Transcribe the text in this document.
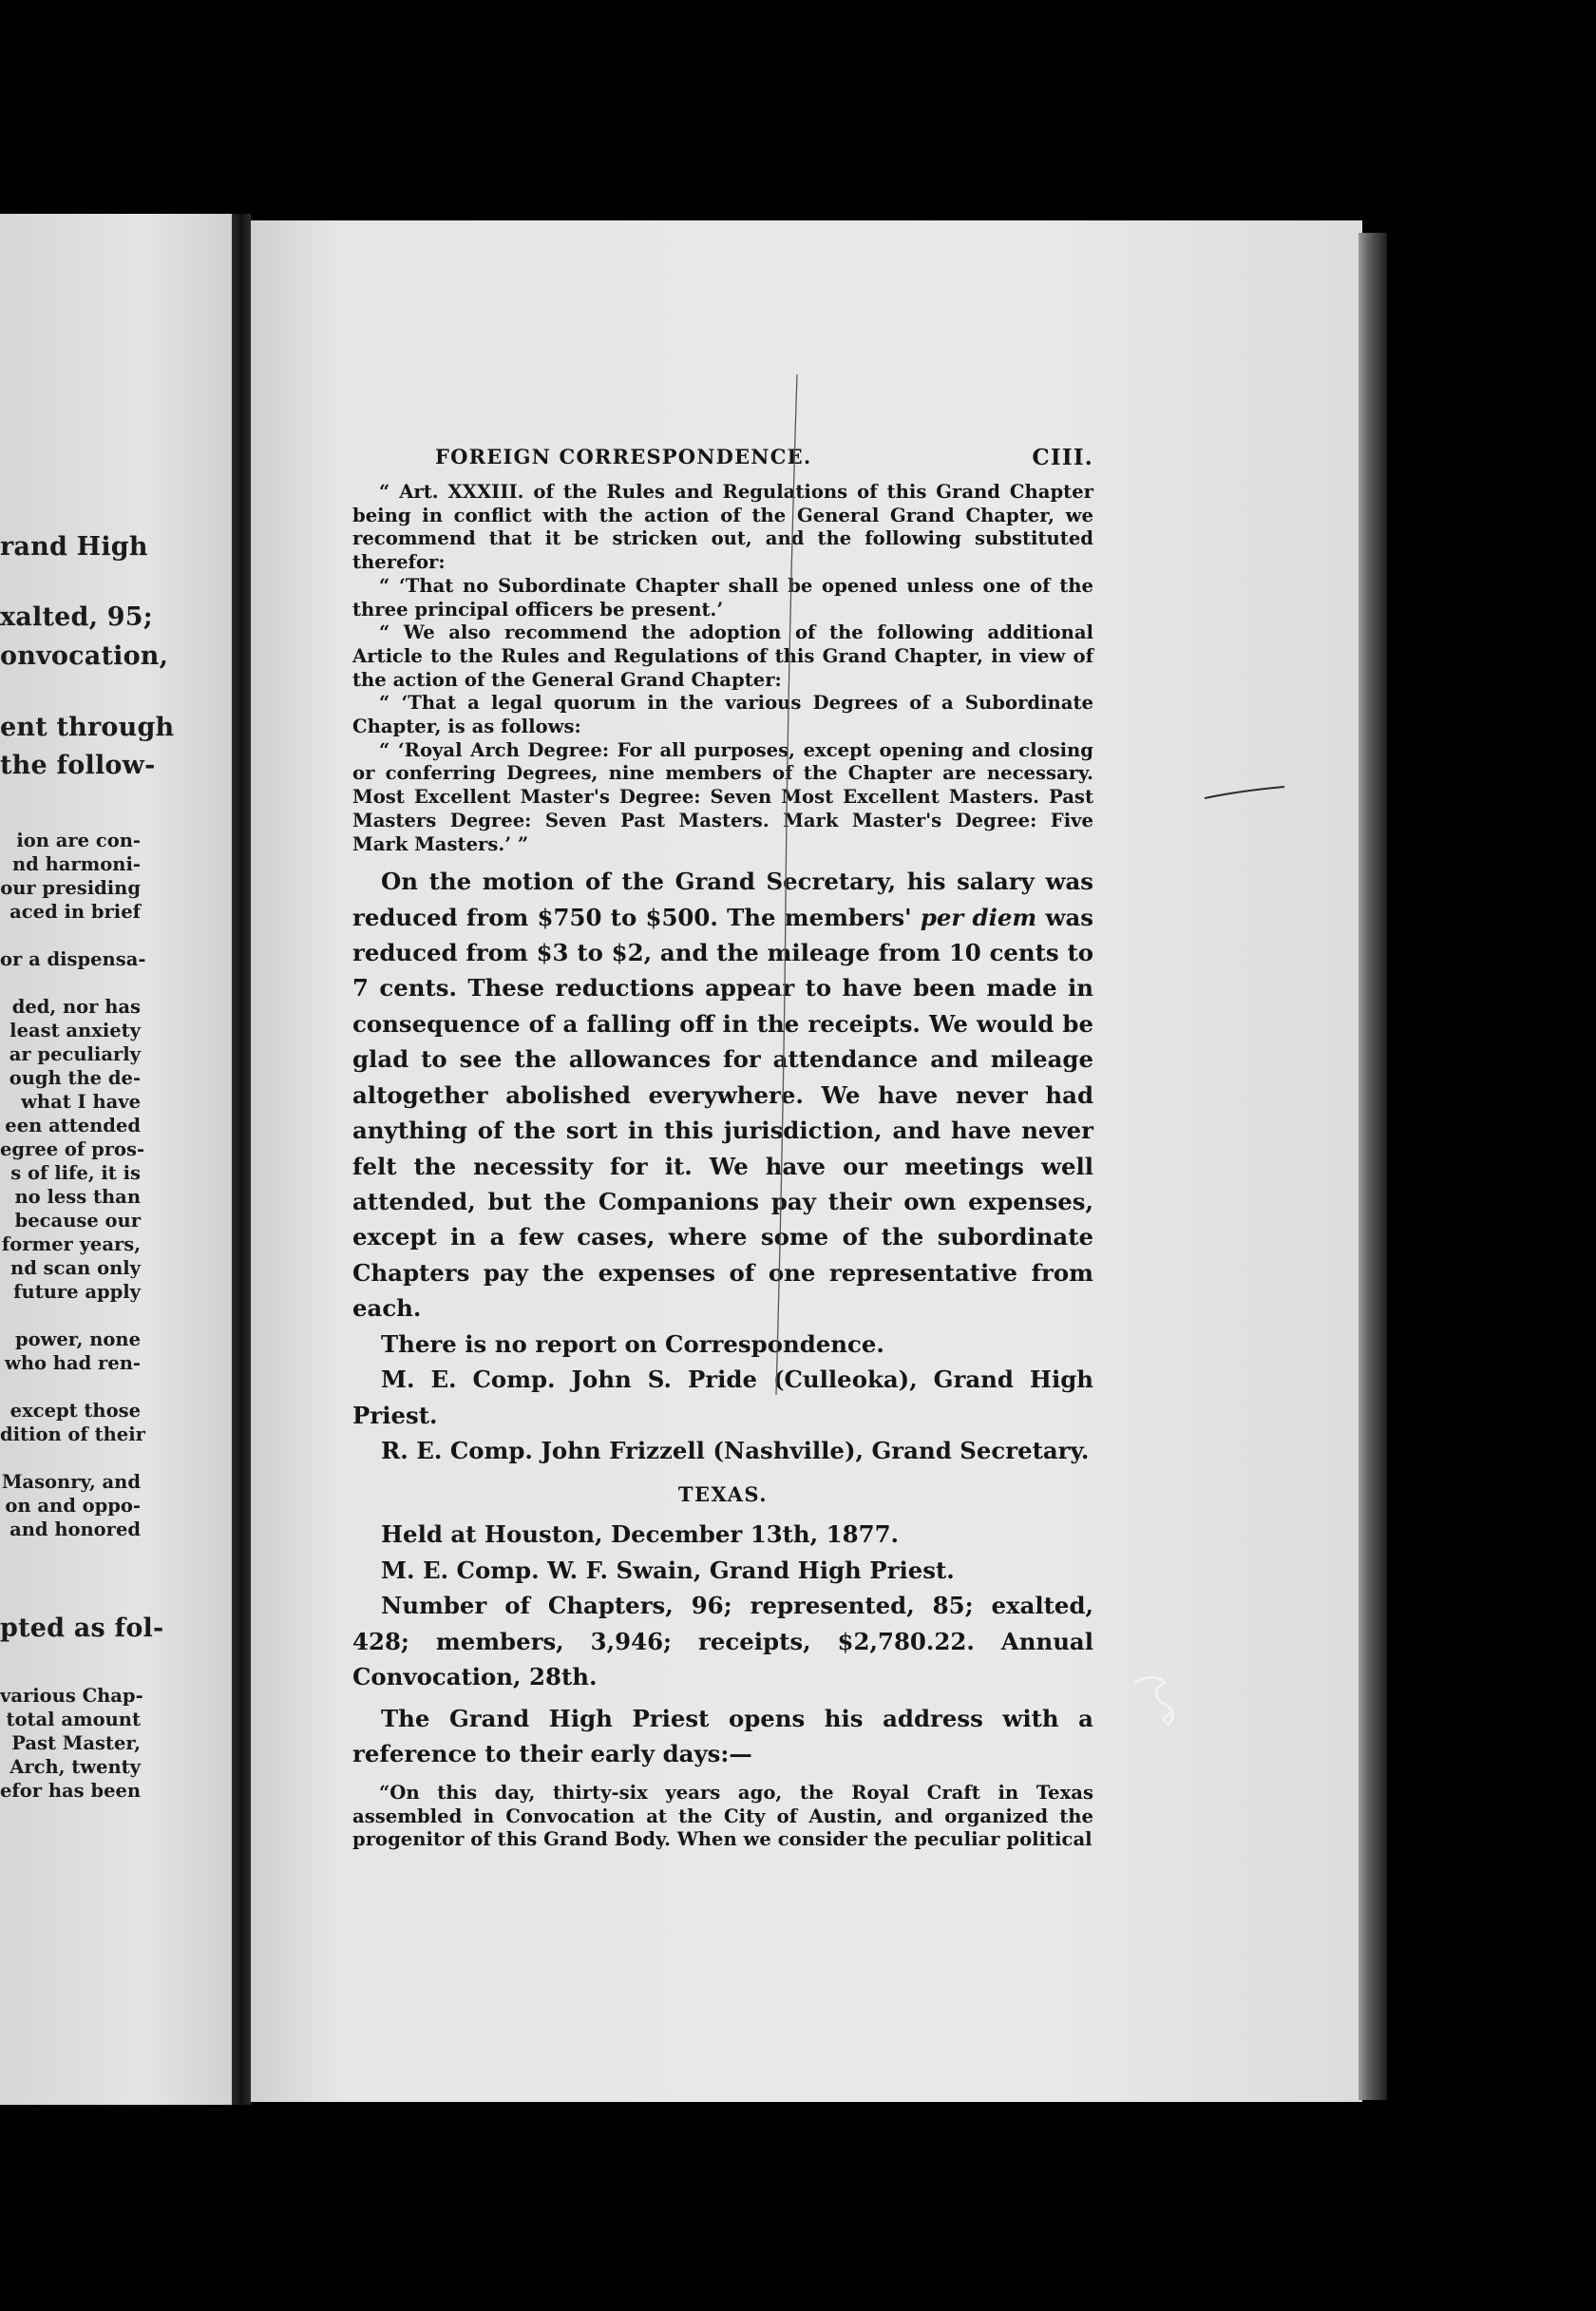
rand High
xalted, 95;
onvocation,
ent through
the follow-
ion are con-
nd harmoni-
our presiding
aced in brief
or a dispensa-
ded, nor has
least anxiety
ar peculiarly
ough the de-
what I have
een attended
egree of pros-
s of life, it is
no less than
because our
former years,
nd scan only
future apply
power, none
who had ren-
except those
dition of their
Masonry, and
on and oppo-
and honored
pted as fol-
various Chap-
total amount
Past Master,
Arch, twenty
efor has been
FOREIGN CORRESPONDENCE.	CIII.

“ Art. XXXIII. of the Rules and Regulations of this Grand Chapter being in conflict with the action of the General Grand Chapter, we recommend that it be stricken out, and the following substituted therefor:

“ ‘That no Subordinate Chapter shall be opened unless one of the three principal officers be present.’

“ We also recommend the adoption of the following additional Article to the Rules and Regulations of this Grand Chapter, in view of the action of the General Grand Chapter:

“ ‘That a legal quorum in the various Degrees of a Subordinate Chapter, is as follows:

“ ‘Royal Arch Degree: For all purposes, except opening and closing or conferring Degrees, nine members of the Chapter are necessary. Most Excellent Master's Degree: Seven Most Excellent Masters. Past Masters Degree: Seven Past Masters. Mark Master's Degree: Five Mark Masters.’ ”

On the motion of the Grand Secretary, his salary was reduced from $750 to $500. The members' per diem was reduced from $3 to $2, and the mileage from 10 cents to 7 cents. These reductions appear to have been made in consequence of a falling off in the receipts. We would be glad to see the allowances for attendance and mileage altogether abolished everywhere. We have never had anything of the sort in this jurisdiction, and have never felt the necessity for it. We have our meetings well attended, but the Companions pay their own expenses, except in a few cases, where some of the subordinate Chapters pay the expenses of one representative from each.

There is no report on Correspondence.

M. E. Comp. John S. Pride (Culleoka), Grand High Priest.

R. E. Comp. John Frizzell (Nashville), Grand Secretary.

TEXAS.

Held at Houston, December 13th, 1877.

M. E. Comp. W. F. Swain, Grand High Priest.

Number of Chapters, 96; represented, 85; exalted, 428; members, 3,946; receipts, $2,780.22. Annual Convocation, 28th.

The Grand High Priest opens his address with a reference to their early days:—

“On this day, thirty-six years ago, the Royal Craft in Texas assembled in Convocation at the City of Austin, and organized the progenitor of this Grand Body. When we consider the peculiar political
